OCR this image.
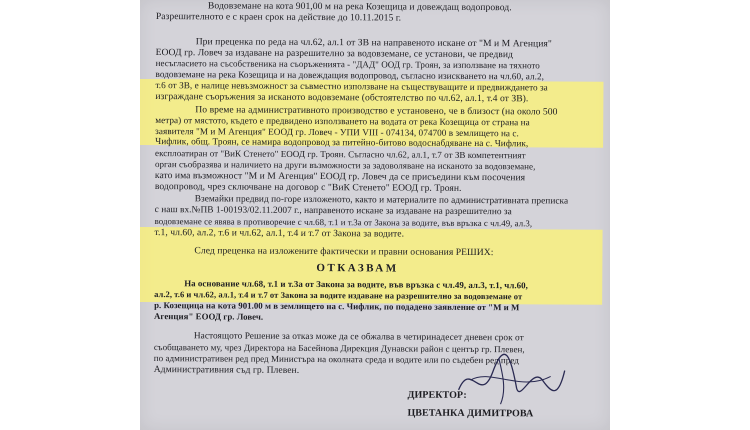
Водовземане на кота 901,00 м на река Козещица и довеждащ водопровод.
Разрешителното е с краен срок на действие до 10.11.2015 г.
При преценка по реда на чл.62, ал.1 от ЗВ на направеното искане от "М и М Агенция"
ЕООД гр. Ловеч за издаване на разрешително за водовземане, се установи, че предвид
несъгласието на съсобственика на съоръженията - "ДАД" ООД гр. Троян, за използване на тяхното
водовземане на река Козещица и на довеждащия водопровод, съгласно изискването на чл.60, ал.2,
т.6 от ЗВ, е налице невъзможност за съвместно използване на съществуващите и предвиждането за
изграждане съоръжения за исканото водовземане (обстоятелство по чл.62, ал.1, т.4 от ЗВ).
По време на административното производство е установено, че в близост (на около 500
метра) от мястото, където е предвидено използването на водата от река Козещица от страна на
заявителя "М и М Агенция" ЕООД гр. Ловеч - УПИ VIII - 074134, 074700 в землището на с.
Чифлик, общ. Троян, се намира водопровод за питейно-битово водоснабдяване на с. Чифлик,
експлоатиран от "ВиК Стенето" ЕООД гр. Троян. Съгласно чл.62, ал.1, т.7 от ЗВ компетентният
орган съобразява и наличието на други възможности за задоволяване на исканото за водовземане,
като има възможност "М и М Агенция" ЕООД гр. Ловеч да се присъедини към посочения
водопровод, чрез сключване на договор с "ВиК Стенето" ЕООД гр. Троян.
Вземайки предвид по-горе изложеното, както и материалите по административната преписка
с наш вх.№ПВ 1-00193/02.11.2007 г., направеното искане за издаване на разрешително за
водовземане се явява в противоречие с чл.68, т.1 и т.3а от Закона за водите, във връзка с чл.49, ал.3,
т.1, чл.60, ал.2, т.6 и чл.62, ал.1, т.4 и т.7 от Закона за водите.
След преценка на изложените фактически и правни основания РЕШИХ:
ОТКАЗВАМ
На основание чл.68, т.1 и т.3а от Закона за водите, във връзка с чл.49, ал.3, т.1, чл.60,
ал.2, т.6 и чл.62, ал.1, т.4 и т.7 от Закона за водите издаване на разрешително за водовземане от
р. Козещица на кота 901.00 м в землището на с. Чифлик, по подадено заявление от "М и М
Агенция" ЕООД гр. Ловеч.
Настоящото Решение за отказ може да се обжалва в четиринадесет дневен срок от
съобщаването му, чрез Директора на Басейнова Дирекция Дунавски район с център гр. Плевен,
по административен ред пред Министъра на околната среда и водите или по съдебен ред пред
Административния съд гр. Плевен.
ДИРЕКТОР:
ЦВЕТАНКА ДИМИТРОВА
